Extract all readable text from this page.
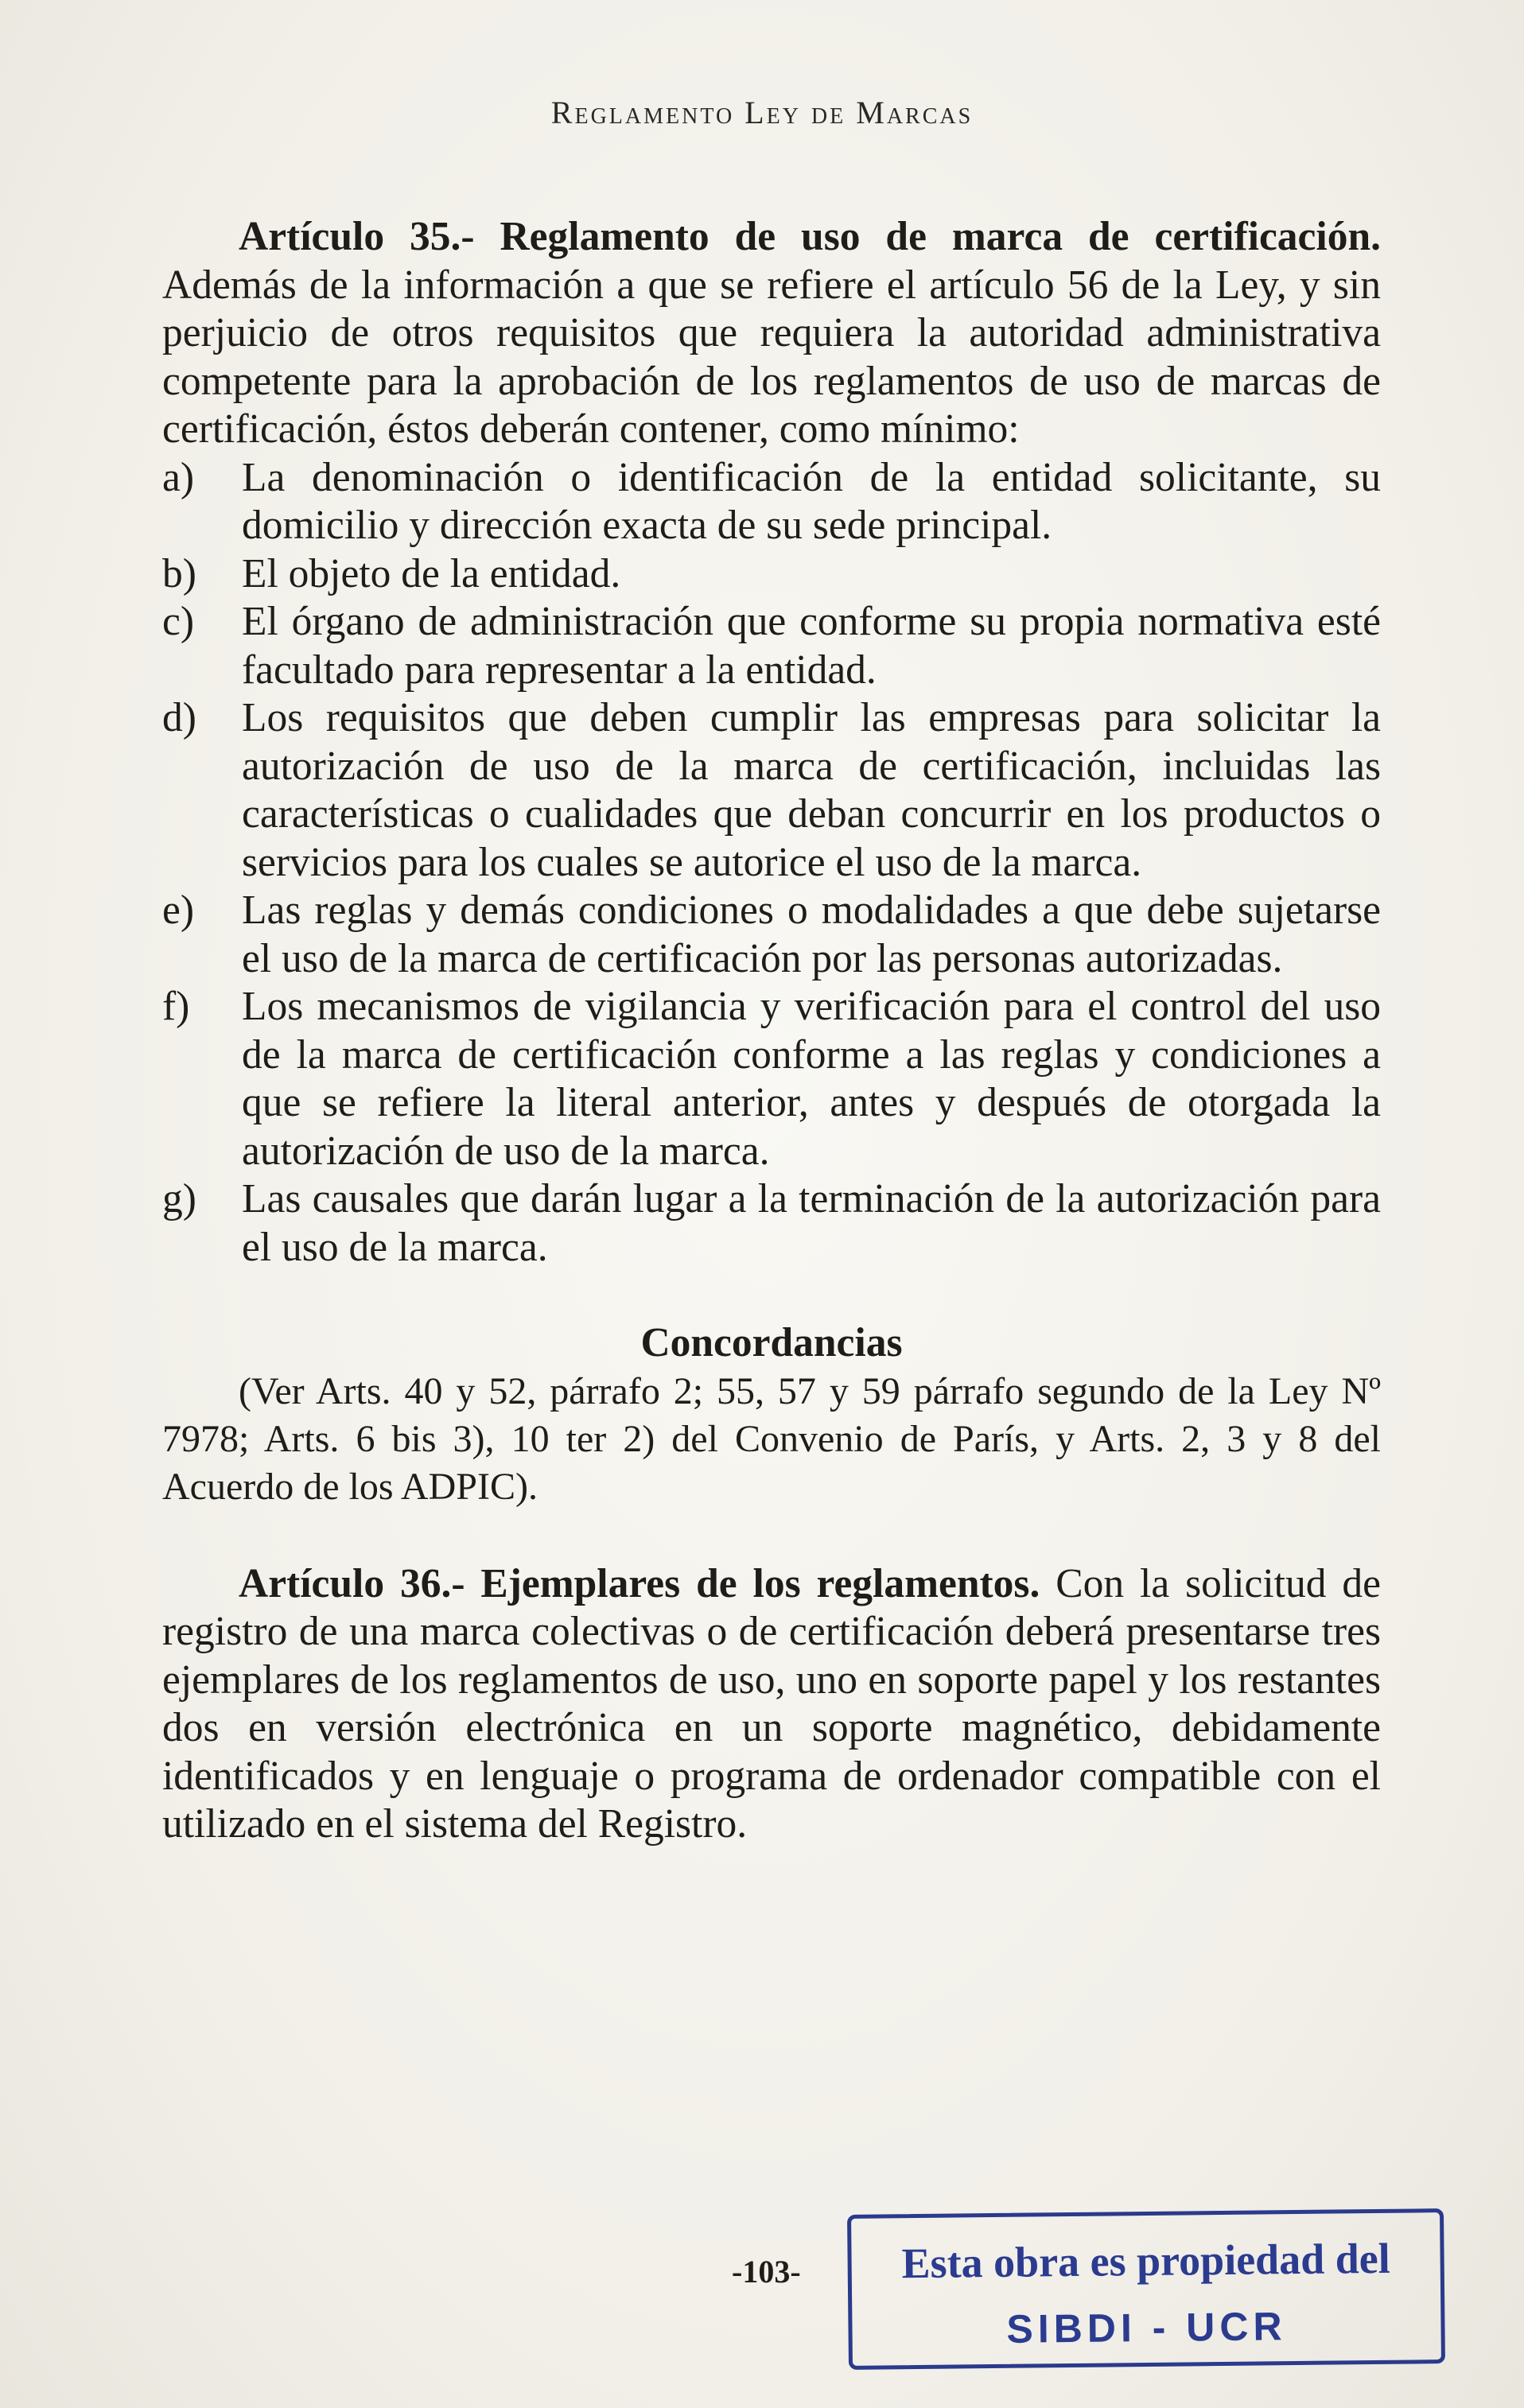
Reglamento Ley de Marcas

Artículo 35.- Reglamento de uso de marca de certificación. Además de la información a que se refiere el artículo 56 de la Ley, y sin perjuicio de otros requisitos que requiera la autoridad administrativa competente para la aprobación de los reglamentos de uso de marcas de certificación, éstos deberán contener, como mínimo:

a) La denominación o identificación de la entidad solicitante, su domicilio y dirección exacta de su sede principal.
b) El objeto de la entidad.
c) El órgano de administración que conforme su propia normativa esté facultado para representar a la entidad.
d) Los requisitos que deben cumplir las empresas para solicitar la autorización de uso de la marca de certificación, incluidas las características o cualidades que deban concurrir en los productos o servicios para los cuales se autorice el uso de la marca.
e) Las reglas y demás condiciones o modalidades a que debe sujetarse el uso de la marca de certificación por las personas autorizadas.
f) Los mecanismos de vigilancia y verificación para el control del uso de la marca de certificación conforme a las reglas y condiciones a que se refiere la literal anterior, antes y después de otorgada la autorización de uso de la marca.
g) Las causales que darán lugar a la terminación de la autorización para el uso de la marca.

Concordancias

(Ver Arts. 40 y 52, párrafo 2; 55, 57 y 59 párrafo segundo de la Ley Nº 7978; Arts. 6 bis 3), 10 ter 2) del Convenio de París, y Arts. 2, 3 y 8 del Acuerdo de los ADPIC).

Artículo 36.- Ejemplares de los reglamentos. Con la solicitud de registro de una marca colectivas o de certificación deberá presentarse tres ejemplares de los reglamentos de uso, uno en soporte papel y los restantes dos en versión electrónica en un soporte magnético, debidamente identificados y en lenguaje o programa de ordenador compatible con el utilizado en el sistema del Registro.

-103-	Esta obra es propiedad del
SIBDI - UCR
